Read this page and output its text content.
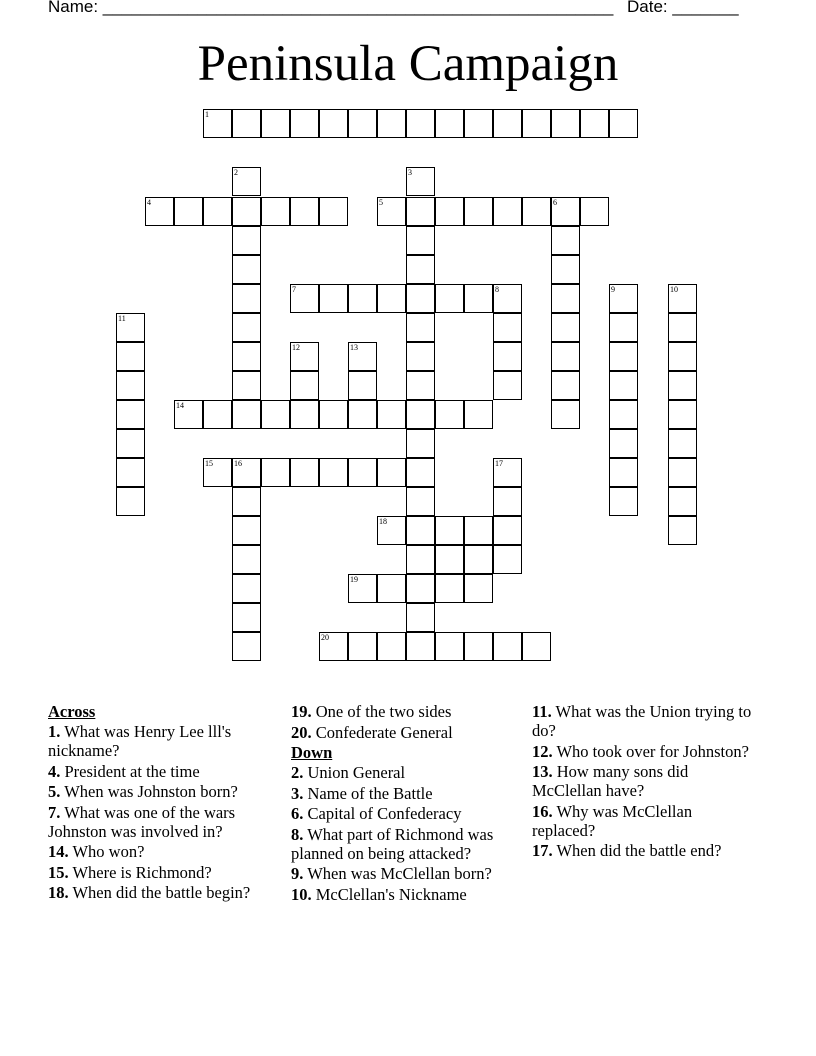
Name: ______________________________________________________ Date: _______
Peninsula Campaign
1
2	3
4	5	6
7	8	9	10
11
12	13
14
15	16	17
18
19
20
Across
1. What was Henry Lee lll's nickname?
4. President at the time
5. When was Johnston born?
7. What was one of the wars Johnston was involved in?
14. Who won?
15. Where is Richmond?
18. When did the battle begin?
19. One of the two sides
20. Confederate General
Down
2. Union General
3. Name of the Battle
6. Capital of Confederacy
8. What part of Richmond was planned on being attacked?
9. When was McClellan born?
10. McClellan's Nickname
11. What was the Union trying to do?
12. Who took over for Johnston?
13. How many sons did McClellan have?
16. Why was McClellan replaced?
17. When did the battle end?
